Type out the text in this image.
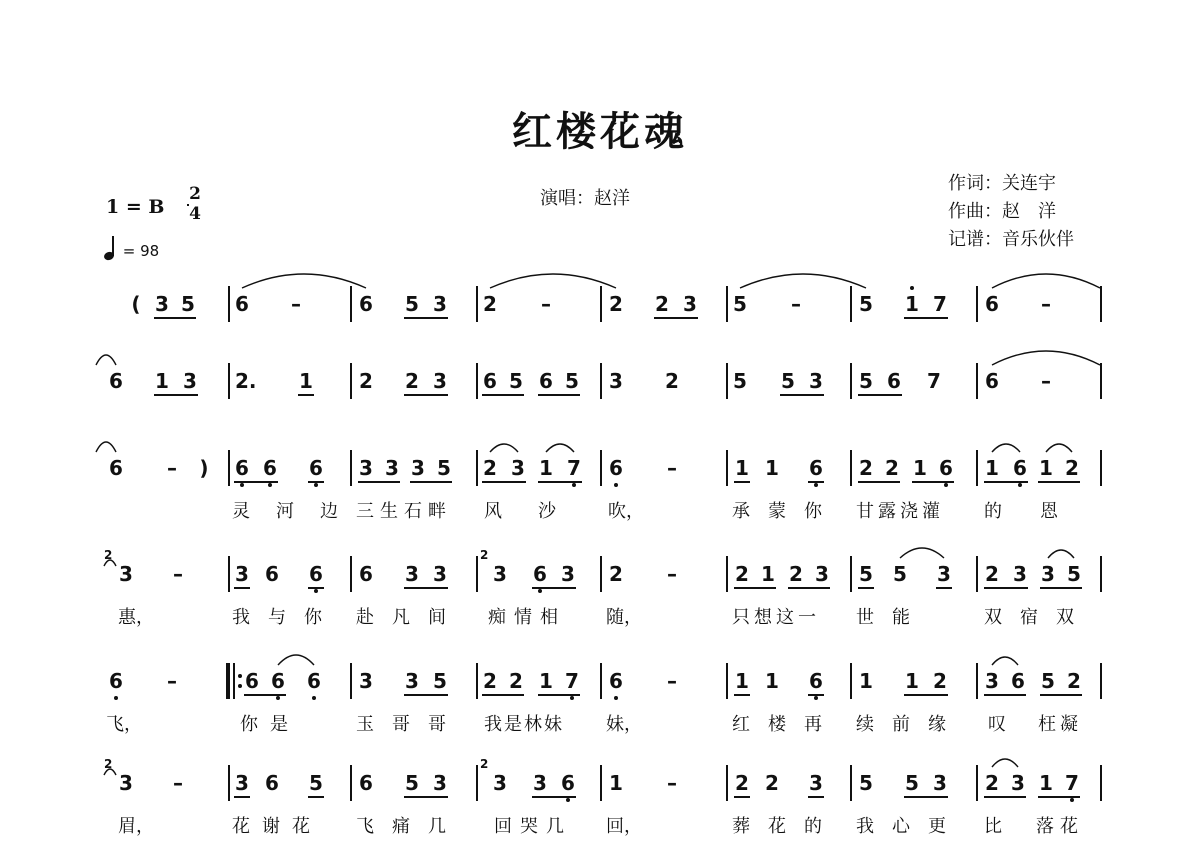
红楼花魂
1 = B
2
4
= 98
演唱：赵洋
作词：关连宇
作曲：赵　洋
记谱：音乐伙伴
( 3 5 6 –	6 5 3 2 –	2 2 3 5 –	5 1 7 6 –
6 1 3 2. 1 2 2 3 6 5 6 5 3 2	5 5 3 5 6 7 6 –
6 – ) 6 6 6 3 3 3 5 2 3 1 7 6 –	1 1 6 2 2 1 6 1 6 1 2
灵河边
三生石畔 风 沙	吹，	承蒙你 甘露浇灌 的 恩
2
3 –	3 6 6 6 3 3
2
3 6 3 2 –	2 1 2 3 5 5 3 2 3 3 5
惠，	我与你 赴凡间 痴情相 随，	只想这一 世能	双宿双
6 –	6 6 6 3 3 5 2 2 1 7 6 –	1 1 6 1 1 2 3 6 5 2
飞，	你是	玉哥哥 我是林妹 妹，	红楼再 续前缘 叹 枉凝
2
3 –	3 6 5 6 5 3
2
3 3 6 1 –	2 2 3 5 5 3 2 3 1 7
眉，	花谢花 飞痛几 回哭几 回，	葬花的 我心更 比 落花
